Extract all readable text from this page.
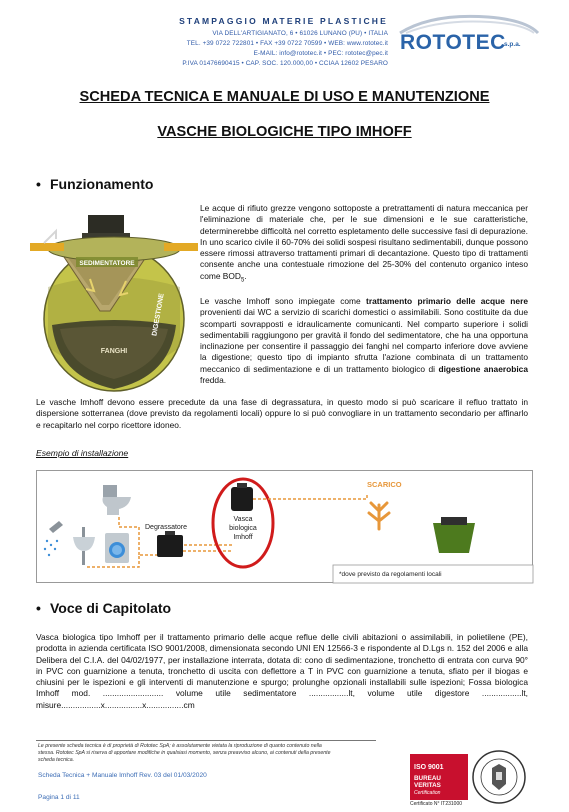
STAMPAGGIO MATERIE PLASTICHE
VIA DELL'ARTIGIANATO, 6 • 61026 LUNANO (PU) • ITALIA
TEL. +39 0722 722801 • FAX +39 0722 70599 • WEB: www.rototec.it
E-MAIL: info@rototec.it • PEC: rototec@pec.it
P.IVA 01476690415 • CAP. SOC. 120.000,00 • CCIAA 12602 PESARO
ROTOTEC
s.p.a.
SCHEDA TECNICA E MANUALE DI USO E MANUTENZIONE
VASCHE BIOLOGICHE TIPO IMHOFF
• Funzionamento
SEDIMENTATORE
DIGESTIONE
FANGHI
Le acque di rifiuto grezze vengono sottoposte a pretrattamenti di natura meccanica per l'eliminazione di materiale che, per le sue dimensioni e le sue caratteristiche, determinerebbe difficoltà nel corretto espletamento delle successive fasi di depurazione. In uno scarico civile il 60-70% dei solidi sospesi risultano sedimentabili, dunque possono essere rimossi attraverso trattamenti primari di decantazione. Questo tipo di trattamenti consente anche una contestuale rimozione del 25-30% del contenuto organico inteso come $BOD_5$.
Le vasche Imhoff sono impiegate come trattamento primario delle acque nere provenienti dai WC a servizio di scarichi domestici o assimilabili. Sono costituite da due scomparti sovrapposti e idraulicamente comunicanti. Nel comparto superiore i solidi sedimentabili raggiungono per gravità il fondo del sedimentatore, che ha una opportuna inclinazione per consentire il passaggio dei fanghi nel comparto inferiore dove avviene la digestione; questo tipo di impianto sfrutta l'azione combinata di un trattamento meccanico di sedimentazione e di un trattamento biologico di digestione anaerobica fredda.
Le vasche Imhoff devono essere precedute da una fase di degrassatura, in questo modo si può scaricare il refluo trattato in dispersione sotterranea (dove previsto da regolamenti locali) oppure lo si può convogliare in un trattamento secondario per affinarlo e recapitarlo nel corpo ricettore idoneo.
Esempio di installazione
Degrassatore
Vasca
biologica
Imhoff
SCARICO
*dove previsto da regolamenti locali
• Voce di Capitolato
Vasca biologica tipo Imhoff per il trattamento primario delle acque reflue delle civili abitazioni o assimilabili, in polietilene (PE), prodotta in azienda certificata ISO 9001/2008, dimensionata secondo UNI EN 12566-3 e rispondente al D.Lgs n. 152 del 2006 e alla Delibera del C.I.A. del 04/02/1977, per installazione interrata, dotata di: cono di sedimentazione, tronchetto di entrata con curva 90° in PVC con guarnizione a tenuta, tronchetto di uscita con deflettore a T in PVC con guarnizione a tenuta, sfiato per il biogas e chiusini per le ispezioni e gli interventi di manutenzione e spurgo; prolunghe opzionali installabili sulle ispezioni; Fossa biologica Imhoff mod. .......................... volume utile sedimentatore .................lt, volume utile digestore .................lt, misure.................x................x................cm
Le presente scheda tecnica è di proprietà di Rototec SpA; è assolutamente vietata la riproduzione di quanto contenuto nella stessa. Rototec SpA si riserva di apportare modifiche in qualsiasi momento, senza preavviso alcuno, ai contenuti della presente scheda tecnica.
Scheda Tecnica + Manuale Imhoff Rev. 03 del 01/03/2020
Pagina 1 di 11
ISO 9001
BUREAU VERITAS
Certification
Certificato N° IT231000
